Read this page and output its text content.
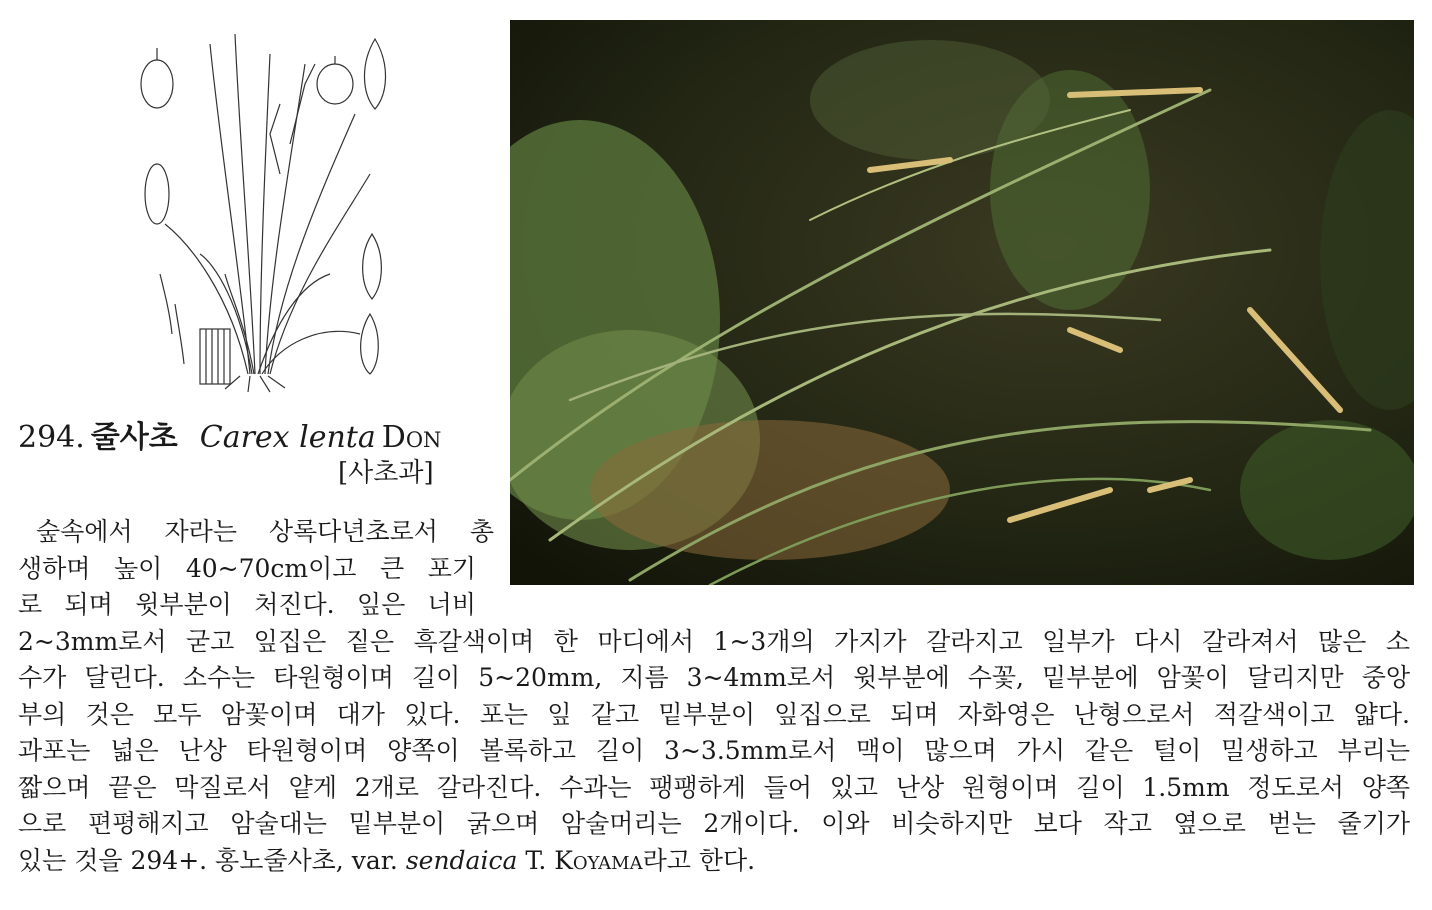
294. 줄사초 Carex lenta Don
[사초과]
숲속에서 자라는 상록다년초로서 총
생하며 높이 40~70cm이고 큰 포기
로 되며 윗부분이 처진다. 잎은 너비
2~3mm로서 굳고 잎집은 짙은 흑갈색이며 한 마디에서 1~3개의 가지가 갈라지고 일부가 다시 갈라져서 많은 소
수가 달린다. 소수는 타원형이며 길이 5~20mm, 지름 3~4mm로서 윗부분에 수꽃, 밑부분에 암꽃이 달리지만 중앙
부의 것은 모두 암꽃이며 대가 있다. 포는 잎 같고 밑부분이 잎집으로 되며 자화영은 난형으로서 적갈색이고 얇다.
과포는 넓은 난상 타원형이며 양쪽이 볼록하고 길이 3~3.5mm로서 맥이 많으며 가시 같은 털이 밀생하고 부리는
짧으며 끝은 막질로서 얕게 2개로 갈라진다. 수과는 팽팽하게 들어 있고 난상 원형이며 길이 1.5mm 정도로서 양쪽
으로 편평해지고 암술대는 밑부분이 굵으며 암술머리는 2개이다. 이와 비슷하지만 보다 작고 옆으로 벋는 줄기가
있는 것을 294+. 홍노줄사초, var. sendaica T. Koyama라고 한다.
